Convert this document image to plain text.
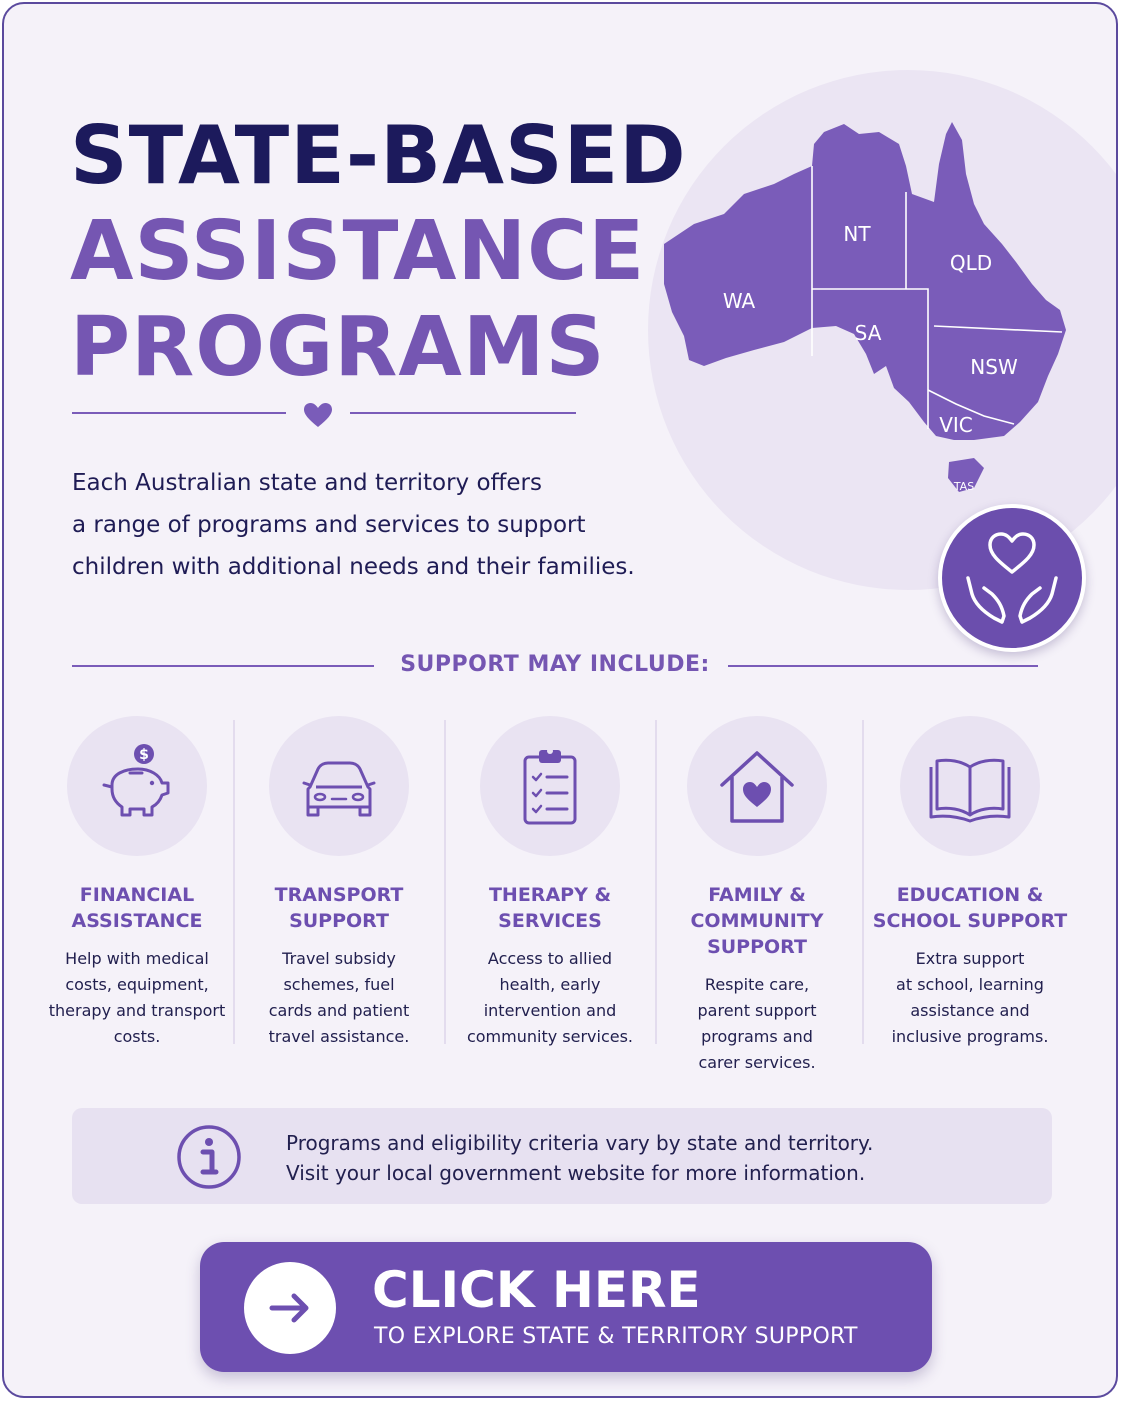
STATE-BASED
ASSISTANCE
PROGRAMS
Each Australian state and territory offers
a range of programs and services to support
children with additional needs and their families.
WA
NT
QLD
SA
NSW
VIC
TAS
SUPPORT MAY INCLUDE:
$
FINANCIAL
ASSISTANCE
Help with medical
costs, equipment,
therapy and transport
costs.
TRANSPORT
SUPPORT
Travel subsidy
schemes, fuel
cards and patient
travel assistance.
THERAPY &
SERVICES
Access to allied
health, early
intervention and
community services.
FAMILY &
COMMUNITY
SUPPORT
Respite care,
parent support
programs and
carer services.
EDUCATION &
SCHOOL SUPPORT
Extra support
at school, learning
assistance and
inclusive programs.
Programs and eligibility criteria vary by state and territory.
Visit your local government website for more information.
CLICK HERE
TO EXPLORE STATE & TERRITORY SUPPORT
